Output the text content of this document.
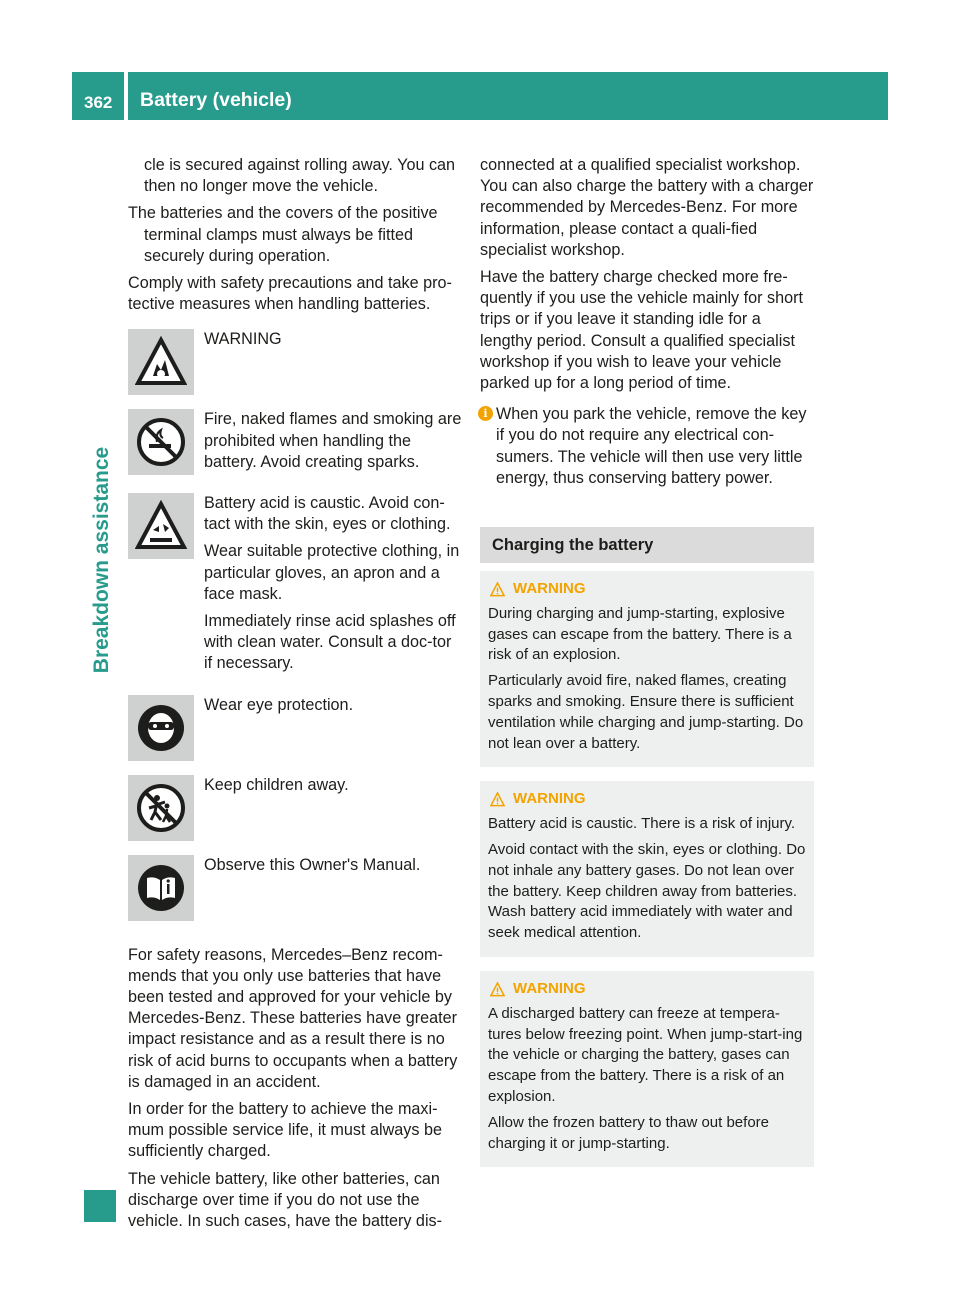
362 Battery (vehicle)
Breakdown assistance

cle is secured against rolling away. You can then no longer move the vehicle.

The batteries and the covers of the positive terminal clamps must always be fitted securely during operation.

Comply with safety precautions and take pro-tective measures when handling batteries.

WARNING

Fire, naked flames and smoking are prohibited when handling the battery. Avoid creating sparks.

Battery acid is caustic. Avoid con-tact with the skin, eyes or clothing.

Wear suitable protective clothing, in particular gloves, an apron and a face mask.

Immediately rinse acid splashes off with clean water. Consult a doc-tor if necessary.

Wear eye protection.

Keep children away.

Observe this Owner's Manual.

For safety reasons, Mercedes–Benz recom-mends that you only use batteries that have been tested and approved for your vehicle by Mercedes-Benz. These batteries have greater impact resistance and as a result there is no risk of acid burns to occupants when a battery is damaged in an accident.

In order for the battery to achieve the maxi-mum possible service life, it must always be sufficiently charged.

The vehicle battery, like other batteries, can discharge over time if you do not use the vehicle. In such cases, have the battery dis-

connected at a qualified specialist workshop. You can also charge the battery with a charger recommended by Mercedes-Benz. For more information, please contact a quali-fied specialist workshop.

Have the battery charge checked more fre-quently if you use the vehicle mainly for short trips or if you leave it standing idle for a lengthy period. Consult a qualified specialist workshop if you wish to leave your vehicle parked up for a long period of time.

i When you park the vehicle, remove the key if you do not require any electrical con-sumers. The vehicle will then use very little energy, thus conserving battery power.
Charging the battery
WARNING

During charging and jump-starting, explosive gases can escape from the battery. There is a risk of an explosion.

Particularly avoid fire, naked flames, creating sparks and smoking. Ensure there is sufficient ventilation while charging and jump-starting. Do not lean over a battery.

WARNING

Battery acid is caustic. There is a risk of injury.

Avoid contact with the skin, eyes or clothing. Do not inhale any battery gases. Do not lean over the battery. Keep children away from batteries. Wash battery acid immediately with water and seek medical attention.

WARNING

A discharged battery can freeze at tempera-tures below freezing point. When jump-start-ing the vehicle or charging the battery, gases can escape from the battery. There is a risk of an explosion.

Allow the frozen battery to thaw out before charging it or jump-starting.
